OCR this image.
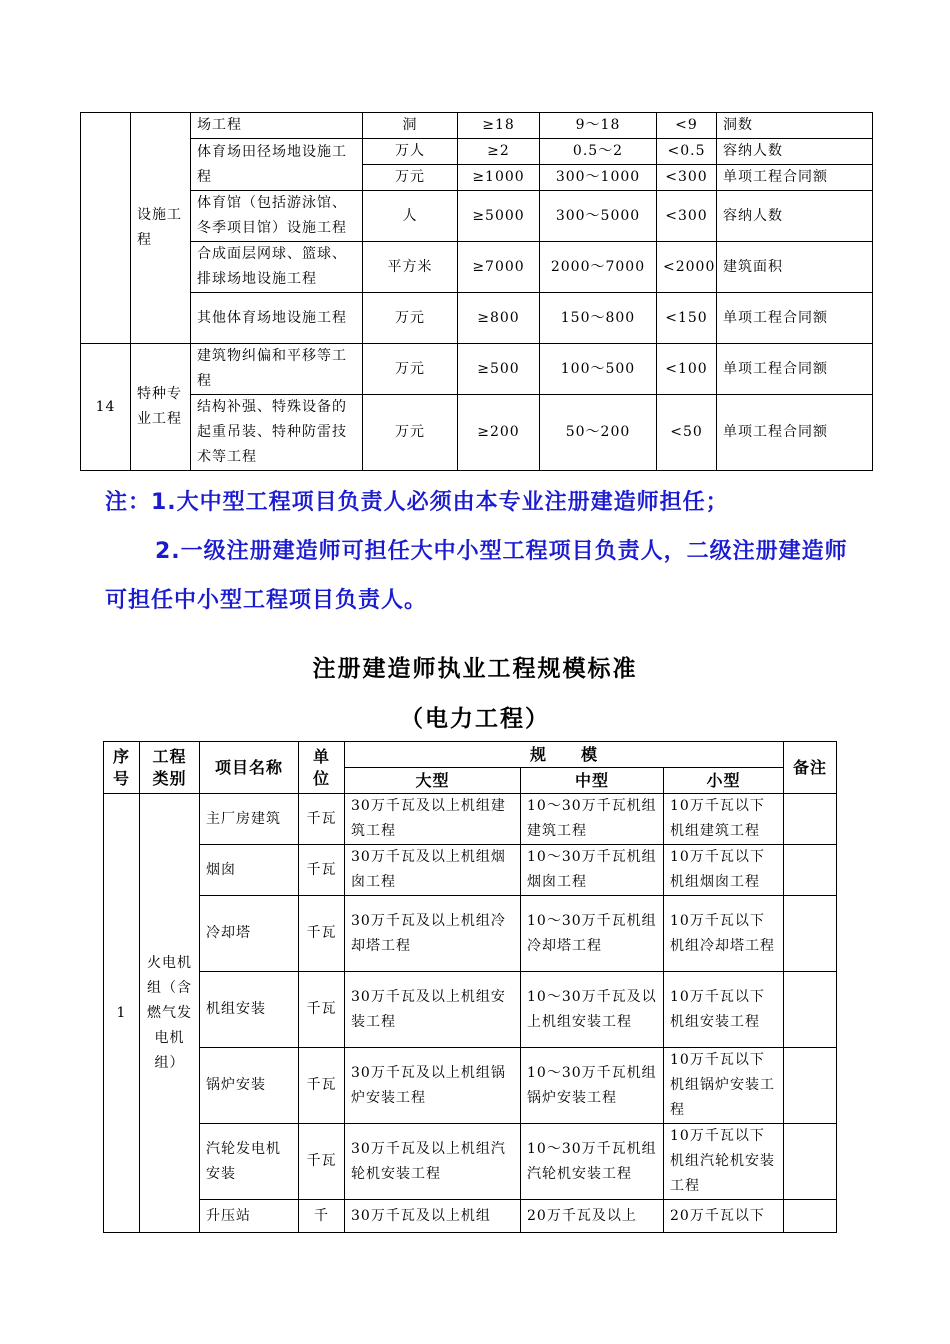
	设施工程	场工程	洞	≥18	9～18	<9	洞数
		体育场田径场地设施工程	万人	≥2	0.5～2	<0.5	容纳人数
			万元	≥1000	300～1000	<300	单项工程合同额
		体育馆（包括游泳馆、冬季项目馆）设施工程	人	≥5000	300～5000	<300	容纳人数
		合成面层网球、篮球、排球场地设施工程	平方米	≥7000	2000～7000	<2000	建筑面积
		其他体育场地设施工程	万元	≥800	150～800	<150	单项工程合同额
14	特种专业工程	建筑物纠偏和平移等工程	万元	≥500	100～500	<100	单项工程合同额
		结构补强、特殊设备的起重吊装、特种防雷技术等工程	万元	≥200	50～200	<50	单项工程合同额

注：1.大中型工程项目负责人必须由本专业注册建造师担任；

2.一级注册建造师可担任大中小型工程项目负责人，二级注册建造师可担任中小型工程项目负责人。

注册建造师执业工程规模标准
（电力工程）
序号	工程类别	项目名称	单位	规　　模			备注
				大型	中型	小型	
1	火电机组（含燃气发电机组）	主厂房建筑	千瓦	30万千瓦及以上机组建筑工程	10～30万千瓦机组建筑工程	10万千瓦以下机组建筑工程	
		烟囱	千瓦	30万千瓦及以上机组烟囱工程	10～30万千瓦机组烟囱工程	10万千瓦以下机组烟囱工程	
		冷却塔	千瓦	30万千瓦及以上机组冷却塔工程	10～30万千瓦机组冷却塔工程	10万千瓦以下机组冷却塔工程	
		机组安装	千瓦	30万千瓦及以上机组安装工程	10～30万千瓦及以上机组安装工程	10万千瓦以下机组安装工程	
		锅炉安装	千瓦	30万千瓦及以上机组锅炉安装工程	10～30万千瓦机组锅炉安装工程	10万千瓦以下机组锅炉安装工程	
		汽轮发电机安装	千瓦	30万千瓦及以上机组汽轮机安装工程	10～30万千瓦机组汽轮机安装工程	10万千瓦以下机组汽轮机安装工程	
		升压站	千	30万千瓦及以上机组	20万千瓦及以上	20万千瓦以下	
